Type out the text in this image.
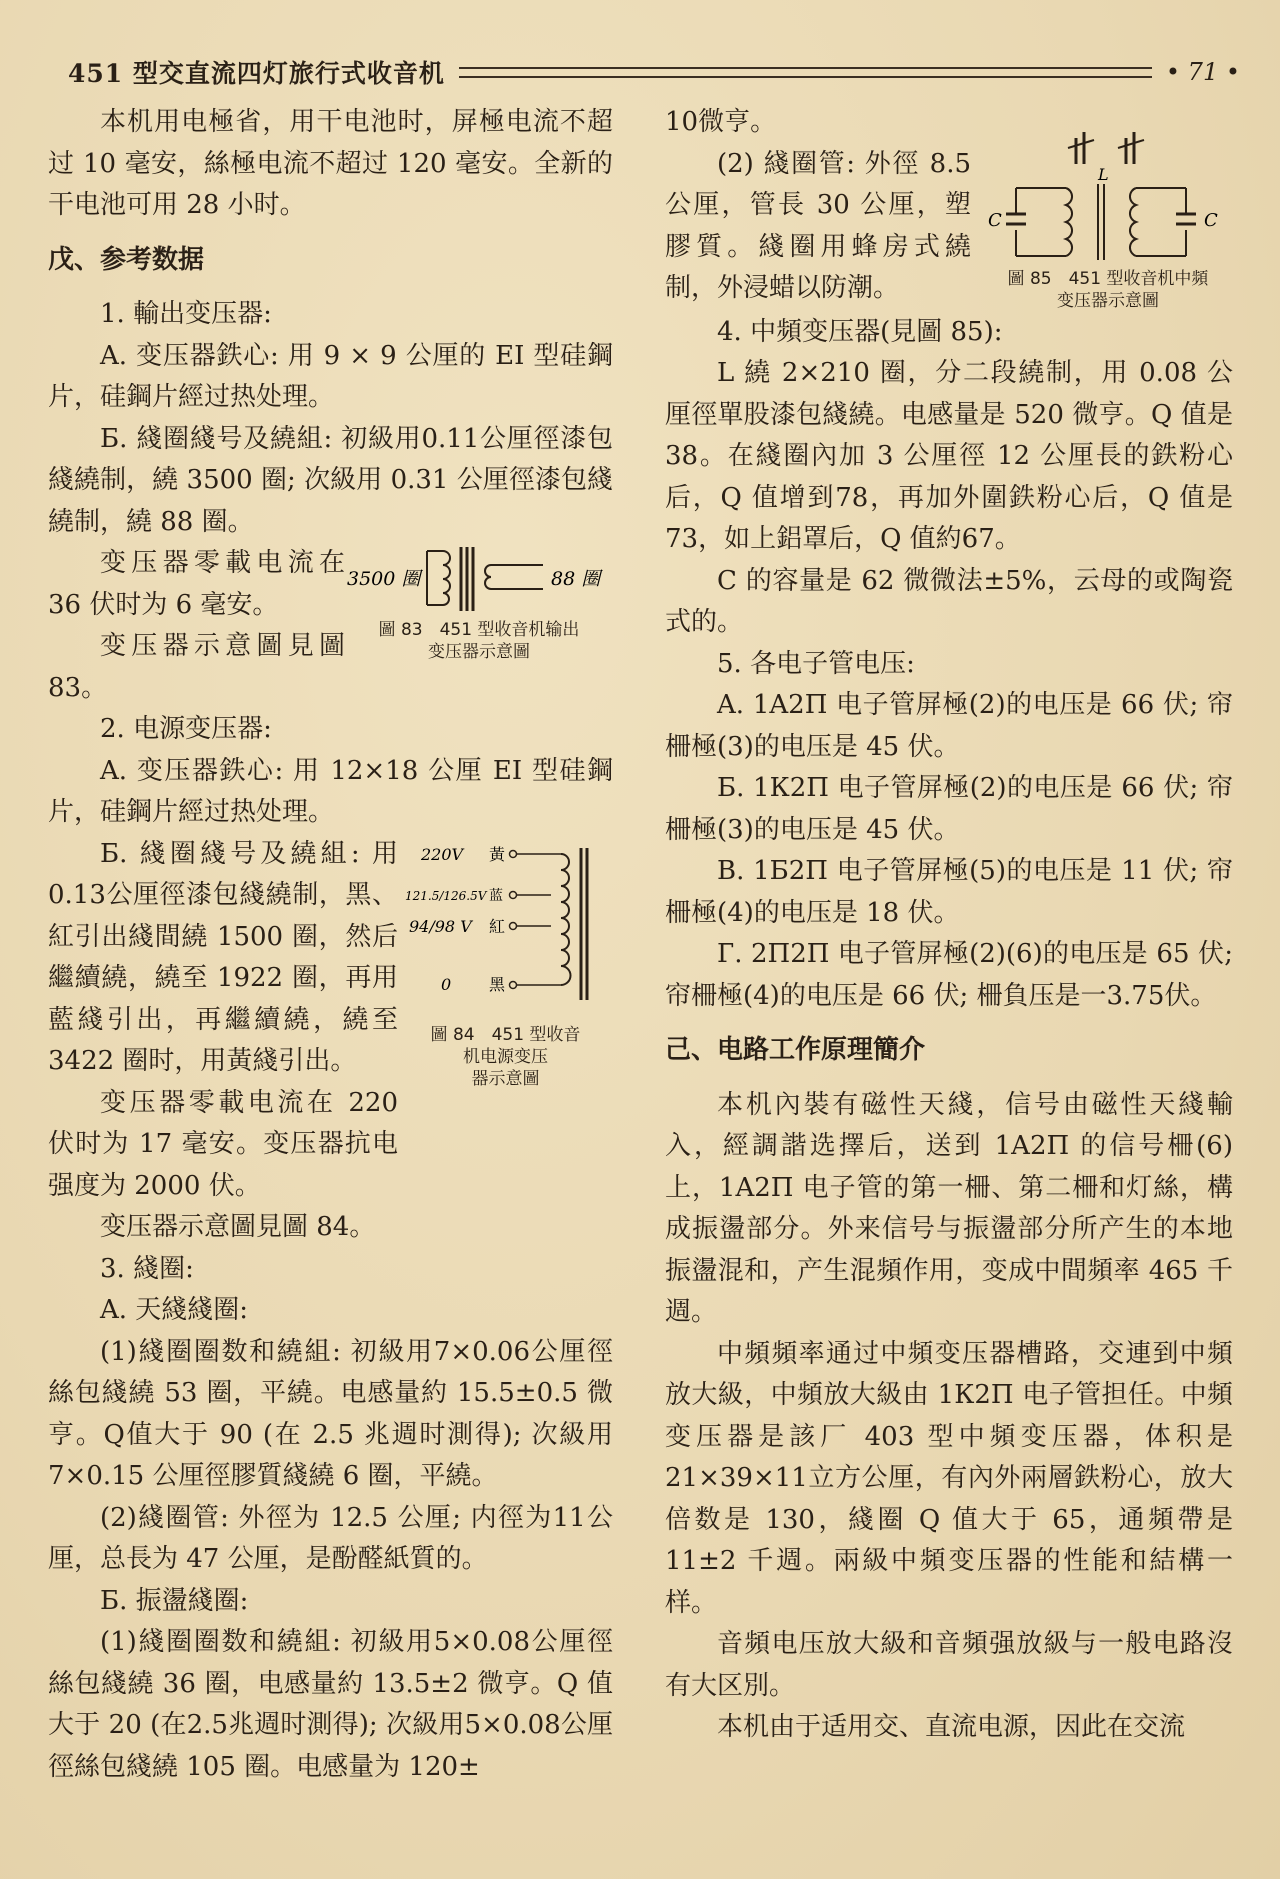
451 型交直流四灯旅行式收音机	• 71 •

本机用电極省，用干电池时，屏極电流不超过 10 毫安，絲極电流不超过 120 毫安。全新的干电池可用 28 小时。

戊、参考数据

1. 輸出变压器:

A. 变压器鉄心: 用 9 × 9 公厘的 EI 型硅鋼片，硅鋼片經过热处理。

Б. 綫圈綫号及繞組: 初級用0.11公厘徑漆包綫繞制，繞 3500 圈; 次級用 0.31 公厘徑漆包綫繞制，繞 88 圈。

变压器零載电流在 36 伏时为 6 毫安。

变压器示意圖見圖 83。

3500 圈	88 圈
圖 83　451 型收音机输出
变压器示意圖

2. 电源变压器:

A. 变压器鉄心: 用 12×18 公厘 EI 型硅鋼片，硅鋼片經过热处理。

Б. 綫圈綫号及繞組: 用0.13公厘徑漆包綫繞制，黑、紅引出綫間繞 1500 圈，然后繼續繞，繞至 1922 圈，再用藍綫引出，再繼續繞，繞至 3422 圈时，用黃綫引出。

变压器零載电流在 220 伏时为 17 毫安。变压器抗电强度为 2000 伏。

变压器示意圖見圖 84。

220V 黃
121.5/126.5V 蓝
94/98 V 紅
0 黑
圖 84　451 型收音
机电源变压
器示意圖

3. 綫圈:

A. 天綫綫圈:

(1)綫圈圈数和繞組: 初級用7×0.06公厘徑絲包綫繞 53 圈，平繞。电感量約 15.5±0.5 微亨。Q值大于 90 (在 2.5 兆週时測得); 次級用 7×0.15 公厘徑膠質綫繞 6 圈，平繞。

(2)綫圈管: 外徑为 12.5 公厘; 内徑为11公厘，总長为 47 公厘，是酚醛紙質的。

Б. 振盪綫圈:

(1)綫圈圈数和繞組: 初級用5×0.08公厘徑絲包綫繞 36 圈，电感量約 13.5±2 微亨。Q 值大于 20 (在2.5兆週时測得); 次級用5×0.08公厘徑絲包綫繞 105 圈。电感量为 120±

10微亨。

(2) 綫圈管: 外徑 8.5 公厘，管長 30 公厘，塑膠質。綫圈用蜂房式繞制，外浸蜡以防潮。

L
C	C
圖 85　451 型收音机中頻
变压器示意圖

4. 中頻变压器(見圖 85):

L 繞 2×210 圈，分二段繞制，用 0.08 公厘徑單股漆包綫繞。电感量是 520 微亨。Q 值是 38。在綫圈內加 3 公厘徑 12 公厘長的鉄粉心后，Q 值增到78，再加外圍鉄粉心后，Q 值是73，如上鋁罩后，Q 值約67。

C 的容量是 62 微微法±5%，云母的或陶瓷式的。

5. 各电子管电压:

A. 1A2П 电子管屏極(2)的电压是 66 伏; 帘柵極(3)的电压是 45 伏。

Б. 1К2П 电子管屏極(2)的电压是 66 伏; 帘柵極(3)的电压是 45 伏。

В. 1Б2П 电子管屏極(5)的电压是 11 伏; 帘柵極(4)的电压是 18 伏。

Г. 2П2П 电子管屏極(2)(6)的电压是 65 伏; 帘柵極(4)的电压是 66 伏; 柵負压是一3.75伏。

己、电路工作原理簡介

本机內裝有磁性天綫，信号由磁性天綫輸入，經調諧选擇后，送到 1A2П 的信号柵(6)上，1A2П 电子管的第一柵、第二柵和灯絲，構成振盪部分。外来信号与振盪部分所产生的本地振盪混和，产生混頻作用，变成中間頻率 465 千週。

中頻頻率通过中頻变压器槽路，交連到中頻放大級，中頻放大級由 1К2П 电子管担任。中頻变压器是該厂 403 型中頻变压器，体积是 21×39×11立方公厘，有內外兩層鉄粉心，放大倍数是 130，綫圈 Q 值大于 65，通頻帶是 11±2 千週。兩級中頻变压器的性能和結構一样。

音頻电压放大級和音頻强放級与一般电路沒有大区別。

本机由于适用交、直流电源，因此在交流
